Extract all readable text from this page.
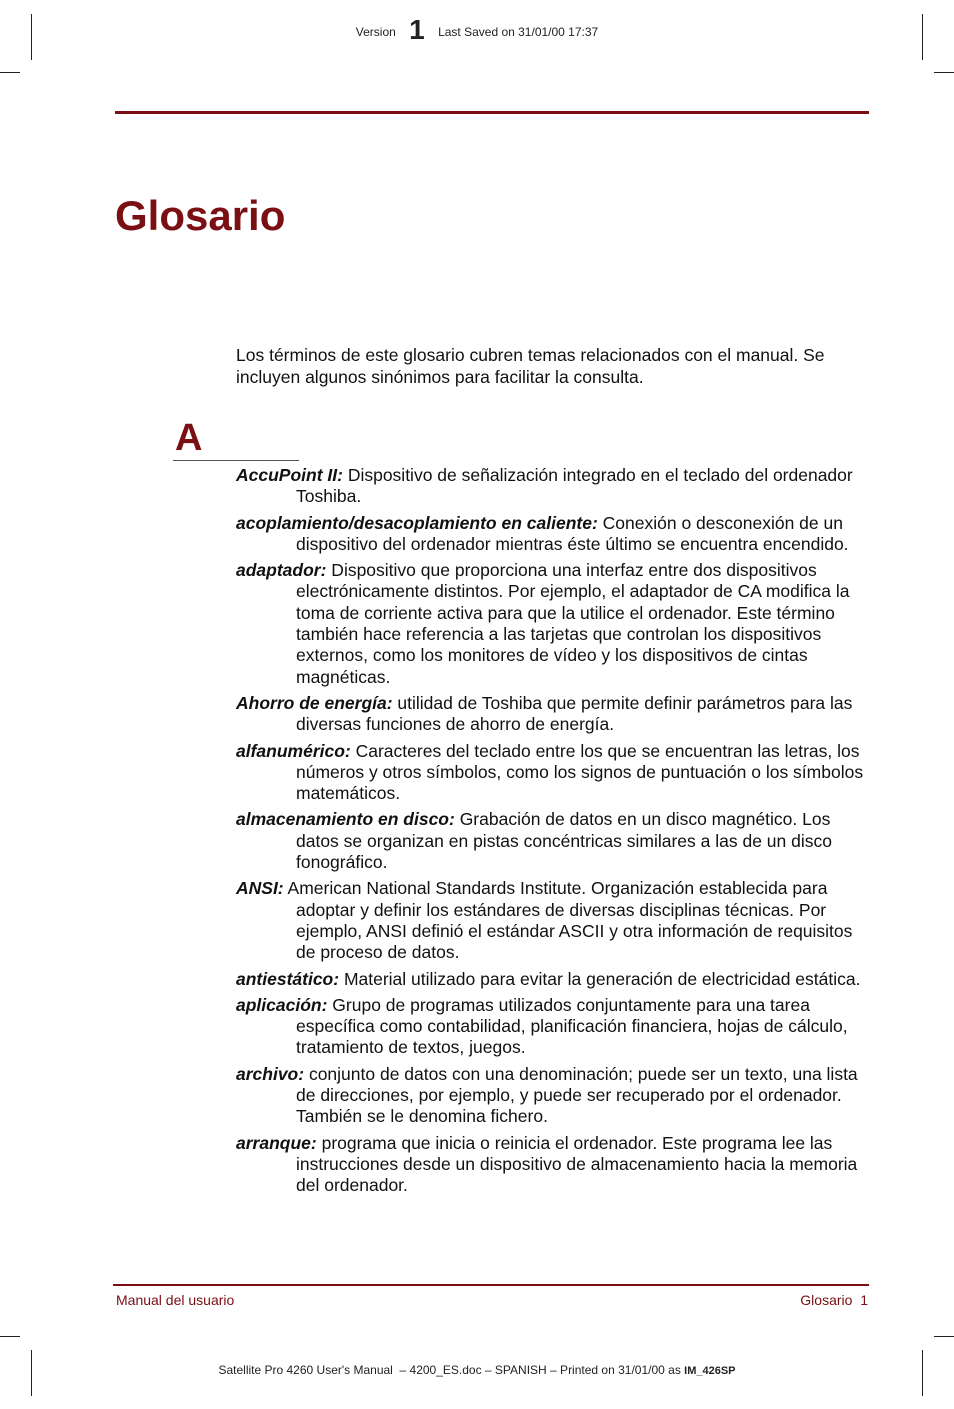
Version 1 Last Saved on 31/01/00 17:37
Glosario

Los términos de este glosario cubren temas relacionados con el manual. Se incluyen algunos sinónimos para facilitar la consulta.

A
AccuPoint II: Dispositivo de señalización integrado en el teclado del ordenador Toshiba.
acoplamiento/desacoplamiento en caliente: Conexión o desconexión de un dispositivo del ordenador mientras éste último se encuentra encendido.
adaptador: Dispositivo que proporciona una interfaz entre dos dispositivos electrónicamente distintos. Por ejemplo, el adaptador de CA modifica la toma de corriente activa para que la utilice el ordenador. Este término también hace referencia a las tarjetas que controlan los dispositivos externos, como los monitores de vídeo y los dispositivos de cintas magnéticas.
Ahorro de energía: utilidad de Toshiba que permite definir parámetros para las diversas funciones de ahorro de energía.
alfanumérico: Caracteres del teclado entre los que se encuentran las letras, los números y otros símbolos, como los signos de puntuación o los símbolos matemáticos.
almacenamiento en disco: Grabación de datos en un disco magnético. Los datos se organizan en pistas concéntricas similares a las de un disco fonográfico.
ANSI: American National Standards Institute. Organización establecida para adoptar y definir los estándares de diversas disciplinas técnicas. Por ejemplo, ANSI definió el estándar ASCII y otra información de requisitos de proceso de datos.
antiestático: Material utilizado para evitar la generación de electricidad estática.
aplicación: Grupo de programas utilizados conjuntamente para una tarea específica como contabilidad, planificación financiera, hojas de cálculo, tratamiento de textos, juegos.
archivo: conjunto de datos con una denominación; puede ser un texto, una lista de direcciones, por ejemplo, y puede ser recuperado por el ordenador. También se le denomina fichero.
arranque: programa que inicia o reinicia el ordenador. Este programa lee las instrucciones desde un dispositivo de almacenamiento hacia la memoria del ordenador.
Manual del usuario	Glosario  1
Satellite Pro 4260 User's Manual  – 4200_ES.doc – SPANISH – Printed on 31/01/00 as IM_426SP
